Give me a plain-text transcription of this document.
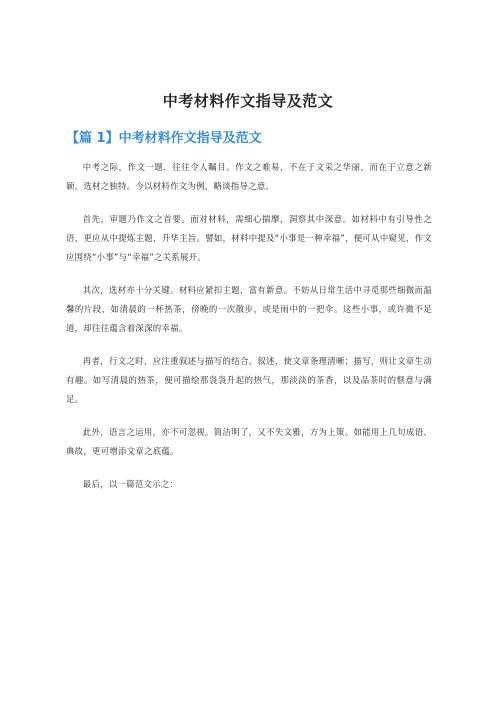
中考材料作文指导及范文
【篇 1】中考材料作文指导及范文

中考之际，作文一题，往往令人瞩目。作文之难易，不在于文采之华丽，而在于立意之新颖，选材之独特。今以材料作文为例，略谈指导之意。

首先，审题乃作文之首要。面对材料，需细心揣摩，洞察其中深意。如材料中有引导性之语，更应从中提炼主题，升华主旨。譬如，材料中提及“小事是一种幸福”，便可从中窥见，作文应围绕“小事”与“幸福”之关系展开。

其次，选材亦十分关键。材料应紧扣主题，富有新意。不妨从日常生活中寻觅那些细微而温馨的片段，如清晨的一杯热茶，傍晚的一次散步，或是雨中的一把伞。这些小事，或许微不足道，却往往蕴含着深深的幸福。

再者，行文之时，应注重叙述与描写的结合。叙述，使文章条理清晰；描写，则让文章生动有趣。如写清晨的热茶，便可描绘那袅袅升起的热气，那淡淡的茶香，以及品茶时的惬意与满足。

此外，语言之运用，亦不可忽视。简洁明了，又不失文雅，方为上策。如能用上几句成语、典故，更可增添文章之底蕴。

最后，以一篇范文示之：
